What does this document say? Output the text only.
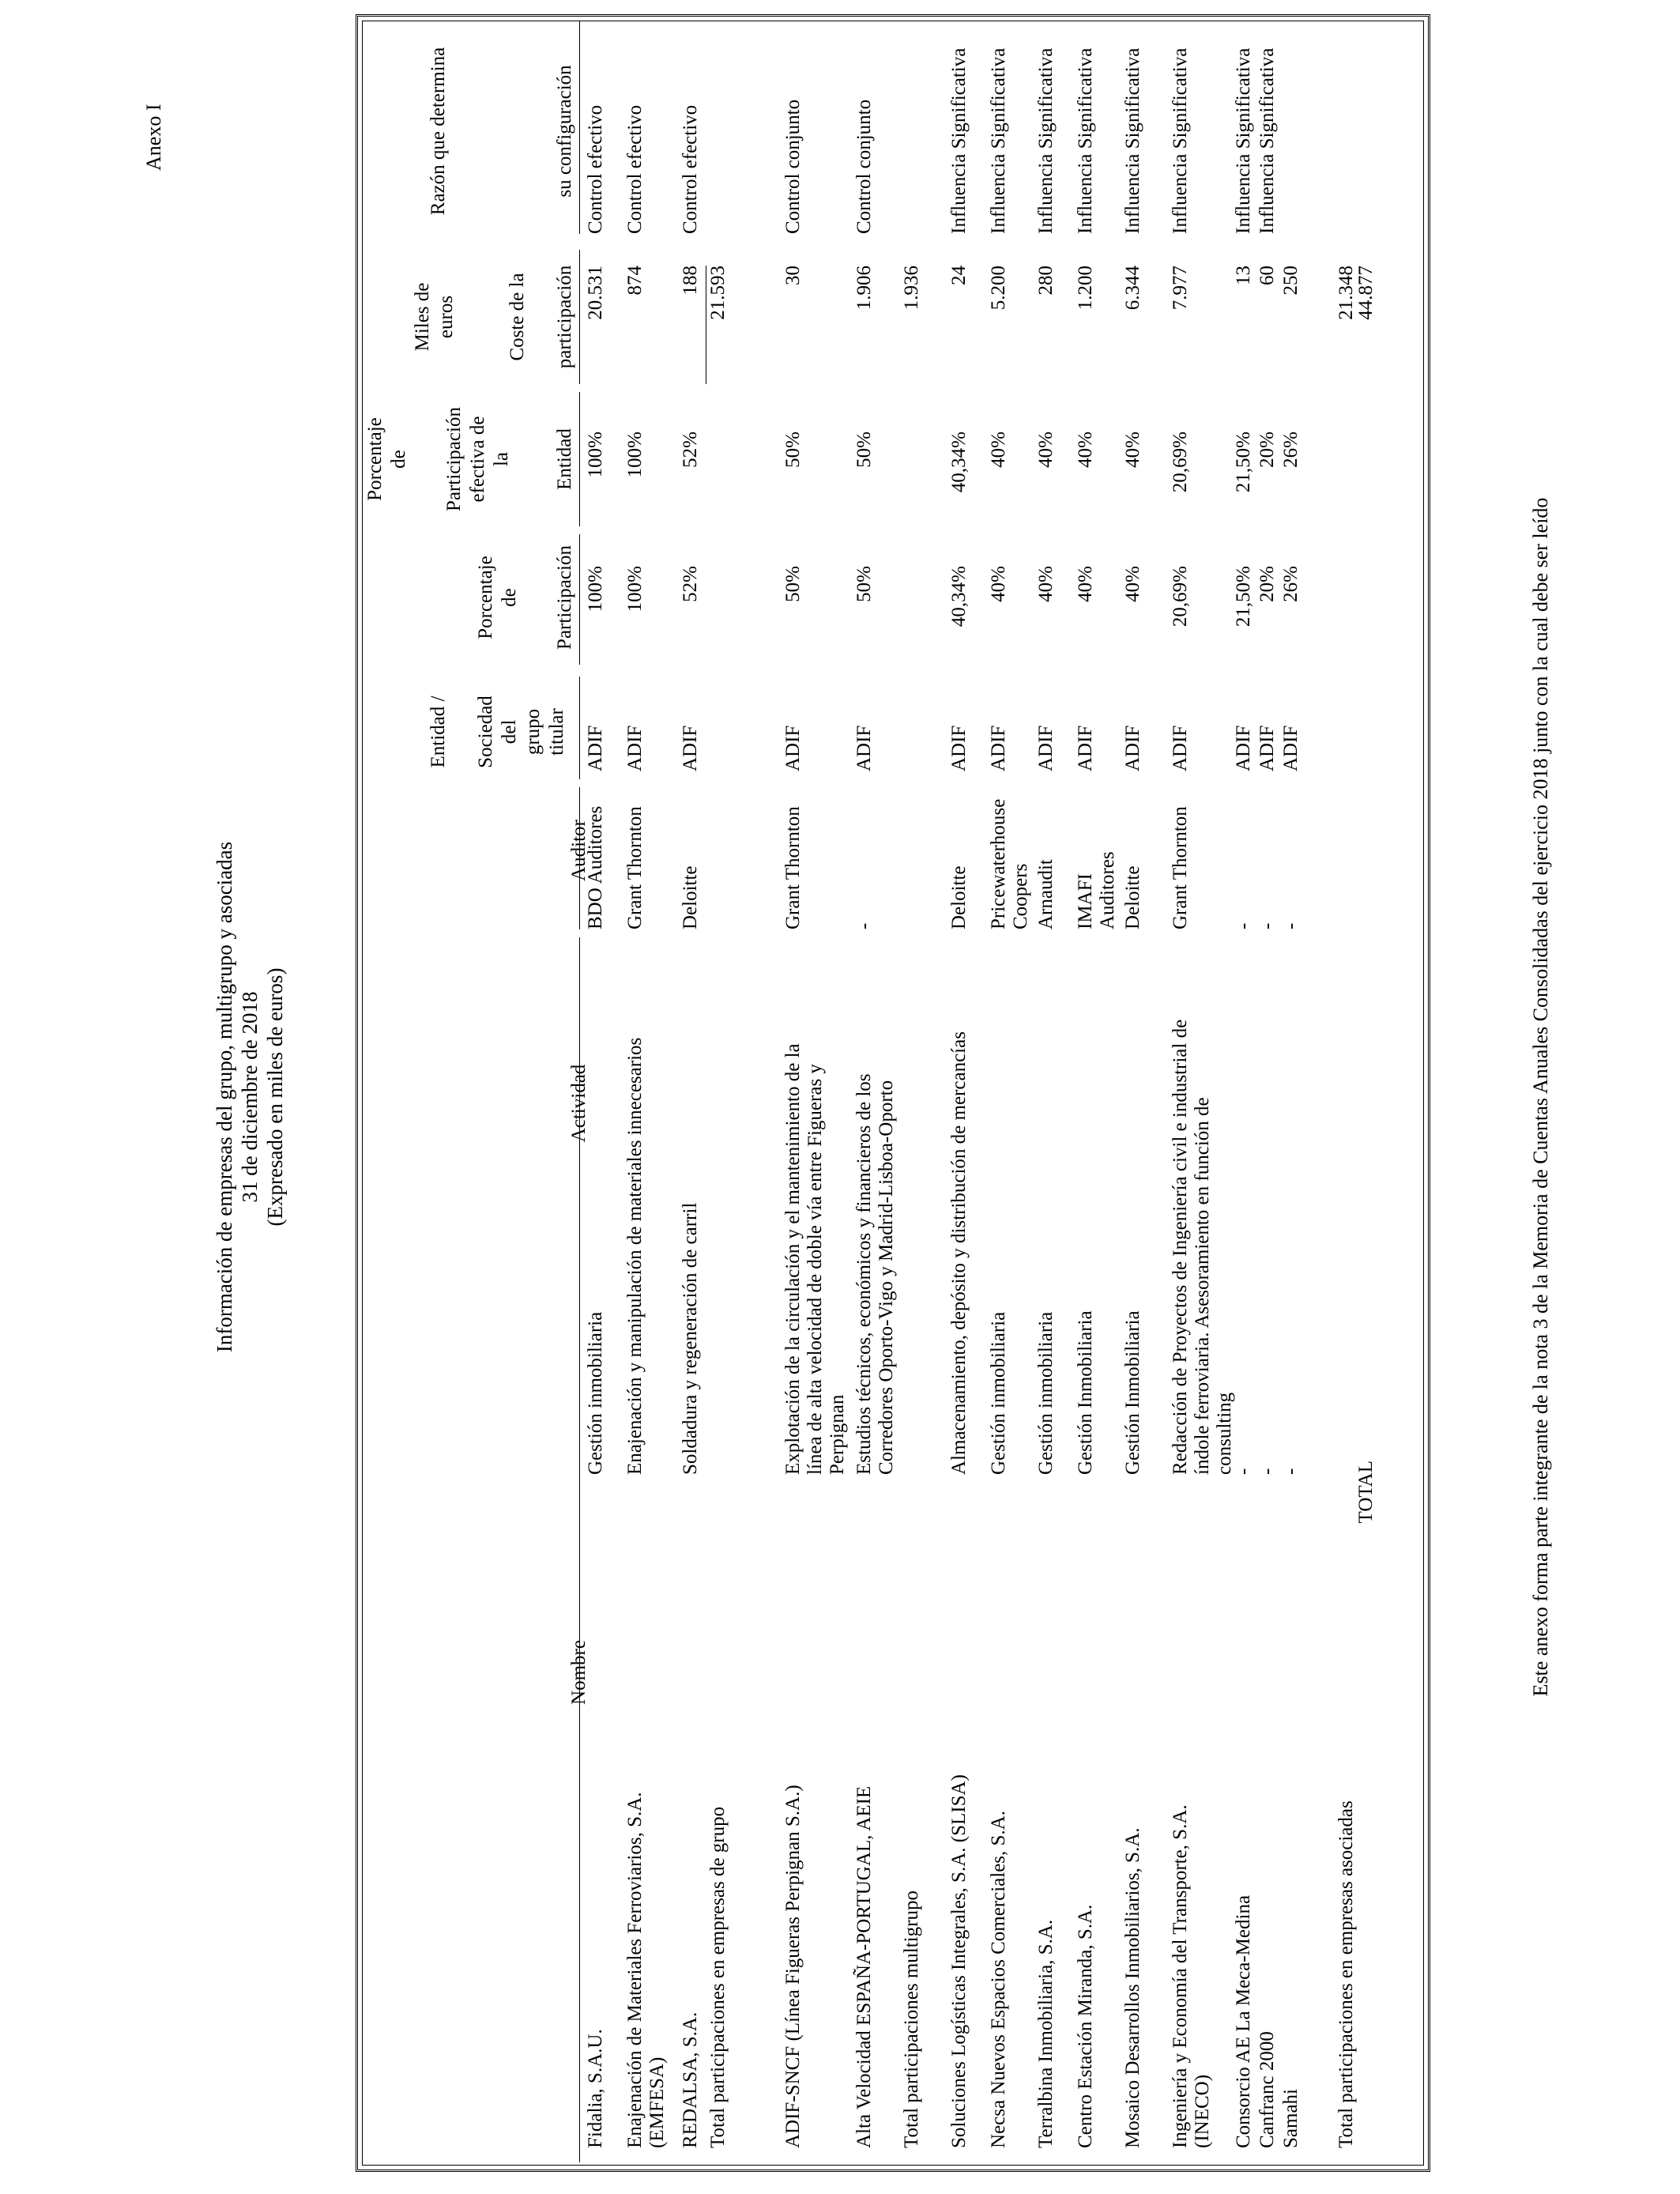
Anexo I
Información de empresas del grupo, multigrupo y asociadas 31 de diciembre de 2018 (Expresado en miles de euros)
Nombre
Actividad
Auditor
Entidad / Sociedad del grupo titular
Porcentaje de Participación
Porcentaje de Participación efectiva de la Entidad
Miles de euros	Coste de la participación
Razón que determina	su configuración
Fidalia, S.A.U.
Gestión inmobiliaria
BDO Auditores
ADIF
100%
100%
20.531
Control efectivo
Enajenación de Materiales Ferroviarios, S.A. (EMFESA)
Enajenación y manipulación de materiales innecesarios
Grant Thornton
ADIF
100%
100%
874
Control efectivo
REDALSA, S.A.
Soldadura y regeneración de carril
Deloitte
ADIF
52%
52%
188
Control efectivo
Total participaciones en empresas de grupo
21.593
ADIF-SNCF (Línea Figueras Perpignan S.A.)
Explotación de la circulación y el mantenimiento de la línea de alta velocidad de doble vía entre Figueras y Perpignan
Grant Thornton
ADIF
50%
50%
30
Control conjunto
Alta Velocidad ESPAÑA-PORTUGAL, AEIE
Estudios técnicos, económicos y financieros de los Corredores Oporto-Vigo y Madrid-Lisboa-Oporto
-
ADIF
50%
50%
1.906
Control conjunto
Total participaciones multigrupo
1.936
Soluciones Logísticas Integrales, S.A. (SLISA)
Almacenamiento, depósito y distribución de mercancías
Deloitte
ADIF
40,34%
40,34%
24
Influencia Significativa
Necsa Nuevos Espacios Comerciales, S.A.
Gestión inmobiliaria
Pricewaterhouse Coopers
ADIF
40%
40%
5.200
Influencia Significativa
Terralbina Inmobiliaria, S.A.
Gestión inmobiliaria
Arnaudit
ADIF
40%
40%
280
Influencia Significativa
Centro Estación Miranda, S.A.
Gestión Inmobiliaria
IMAFI Auditores
ADIF
40%
40%
1.200
Influencia Significativa
Mosaico Desarrollos Inmobiliarios, S.A.
Gestión Inmobiliaria
Deloitte
ADIF
40%
40%
6.344
Influencia Significativa
Ingeniería y Economía del Transporte, S.A. (INECO)
Redacción de Proyectos de Ingeniería civil e industrial de índole ferroviaria. Asesoramiento en función de consulting
Grant Thornton
ADIF
20,69%
20,69%
7.977
Influencia Significativa
Consorcio AE La Meca-Medina
-
-
ADIF
21,50%
21,50%
13
Influencia Significativa
Canfranc 2000
-
-
ADIF
20%
20%
60
Influencia Significativa
Samahi
-
-
ADIF
26%
26%
250
Total participaciones en empresas asociadas
21.348
TOTAL
44.877
Este anexo forma parte integrante de la nota 3 de la Memoria de Cuentas Anuales Consolidadas del ejercicio 2018 junto con la cual debe ser leído
